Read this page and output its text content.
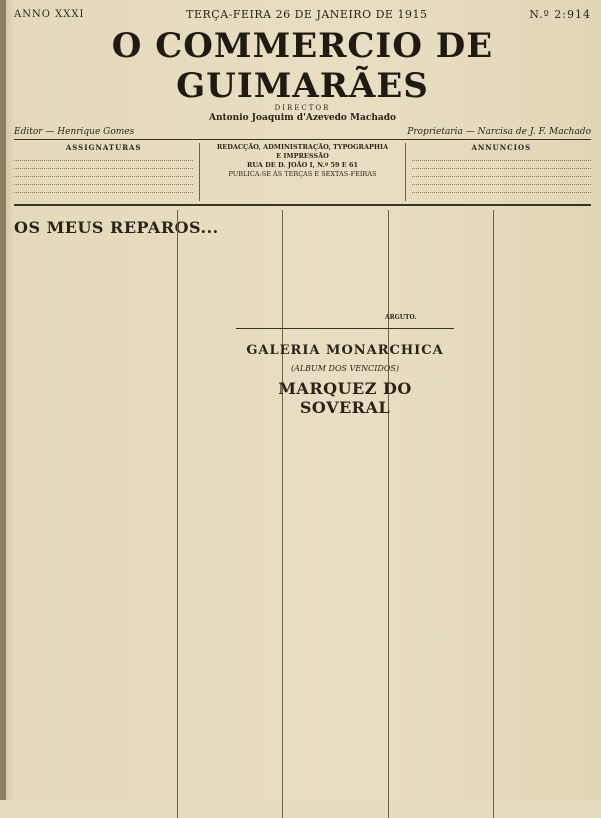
ANNO XXXI	TERÇA-FEIRA 26 DE JANEIRO DE 1915	N.º 2:914
O COMMERCIO DE GUIMARÃES
DIRECTOR
Antonio Joaquim d'Azevedo Machado
Editor — Henrique Gomes	Proprietaria — Narcisa de J. F. Machado
ASSIGNATURAS	REDACÇÃO, ADMINISTRAÇÃO, TYPOGRAPHIA
E IMPRESSÃO
RUA DE D. JOÃO I, N.º 59 E 61
PUBLICA-SE ÁS TERÇAS E SEXTAS-FEIRAS
ANNUNCIOS
OS MEUS REPAROS...
GALERIA MONARCHICA
(ALBUM DOS VENCIDOS)
MARQUEZ DO SOVERAL
ARGUTO.
